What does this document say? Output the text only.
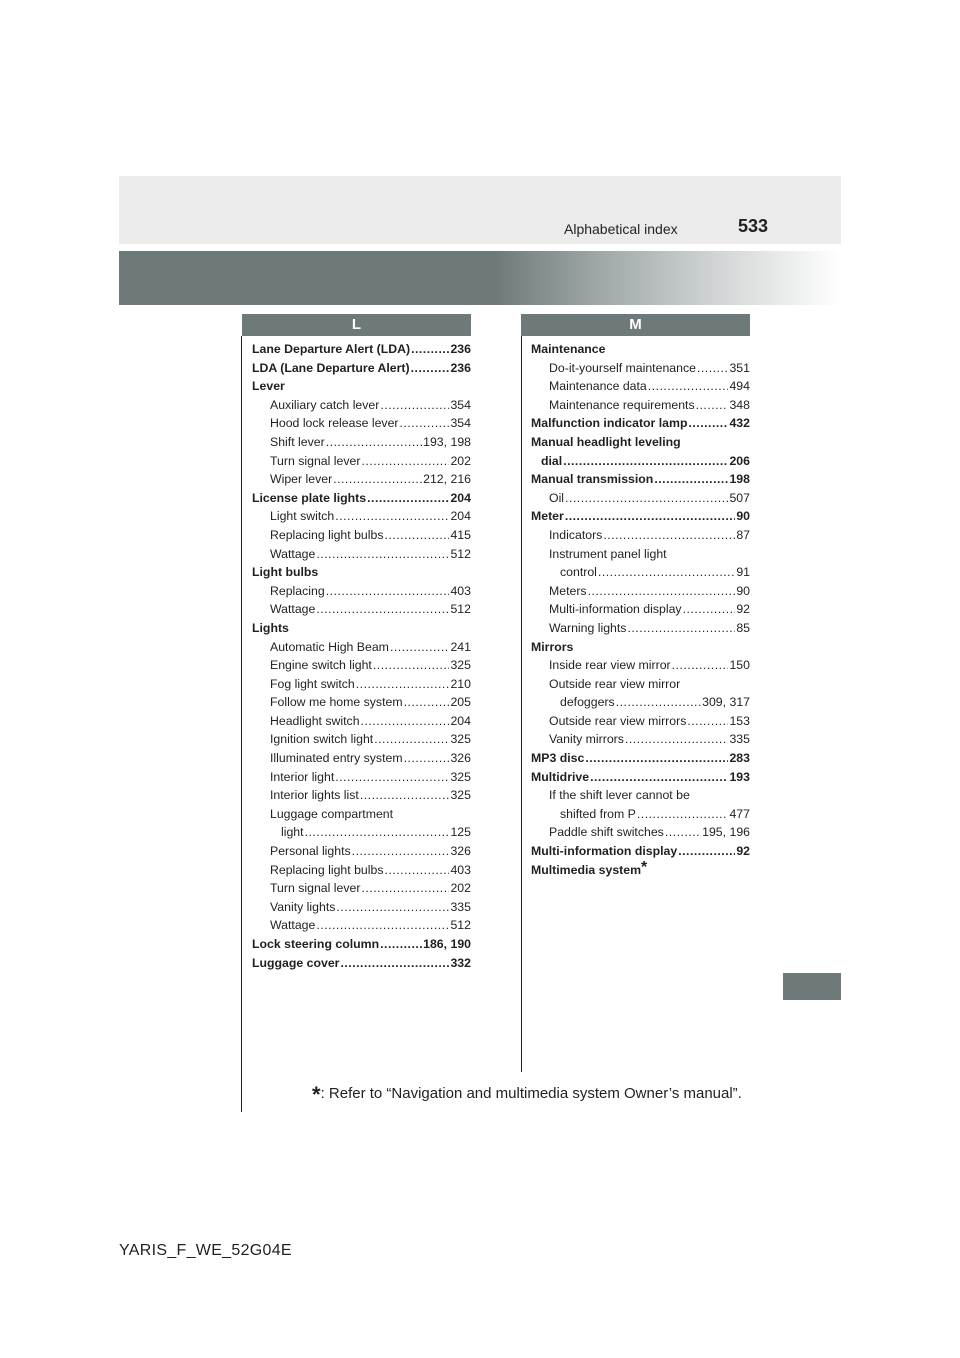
Alphabetical index	533
L	M
Lane Departure Alert (LDA) .....	236
LDA (Lane Departure Alert) .....	236
Lever
Auxiliary catch lever .....	354
Hood lock release lever .....	354
Shift lever .....	193, 198
Turn signal lever .....	202
Wiper lever .....	212, 216
License plate lights .....	204
Light switch .....	204
Replacing light bulbs .....	415
Wattage .....	512
Light bulbs
Replacing .....	403
Wattage .....	512
Lights
Automatic High Beam .....	241
Engine switch light .....	325
Fog light switch .....	210
Follow me home system .....	205
Headlight switch .....	204
Ignition switch light .....	325
Illuminated entry system .....	326
Interior light .....	325
Interior lights list .....	325
Luggage compartment
light .....	125
Personal lights .....	326
Replacing light bulbs .....	403
Turn signal lever .....	202
Vanity lights .....	335
Wattage .....	512
Lock steering column .....	186, 190
Luggage cover .....	332
Maintenance
Do-it-yourself maintenance .....	351
Maintenance data .....	494
Maintenance requirements .....	348
Malfunction indicator lamp .....	432
Manual headlight leveling
dial .....	206
Manual transmission .....	198
Oil .....	507
Meter .....	90
Indicators .....	87
Instrument panel light
control .....	91
Meters .....	90
Multi-information display .....	92
Warning lights .....	85
Mirrors
Inside rear view mirror .....	150
Outside rear view mirror
defoggers .....	309, 317
Outside rear view mirrors .....	153
Vanity mirrors .....	335
MP3 disc .....	283
Multidrive .....	193
If the shift lever cannot be
shifted from P .....	477
Paddle shift switches .....	195, 196
Multi-information display .....	92
Multimedia system*
*: Refer to “Navigation and multimedia system Owner’s manual”.
YARIS_F_WE_52G04E
